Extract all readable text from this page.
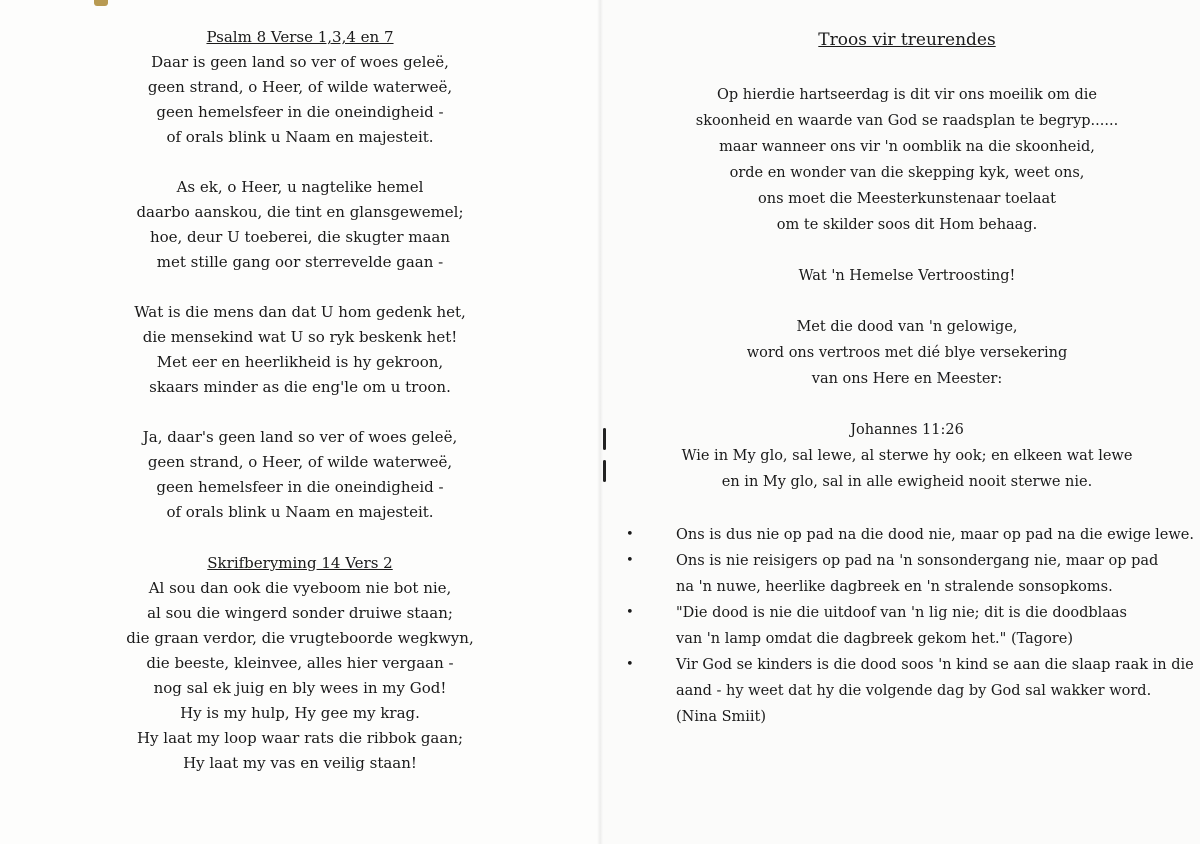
Psalm 8 Verse 1,3,4 en 7
Daar is geen land so ver of woes geleë,
geen strand, o Heer, of wilde waterweë,
geen hemelsfeer in die oneindigheid -
of orals blink u Naam en majesteit.
As ek, o Heer, u nagtelike hemel
daarbo aanskou, die tint en glansgewemel;
hoe, deur U toeberei, die skugter maan
met stille gang oor sterrevelde gaan -
Wat is die mens dan dat U hom gedenk het,
die mensekind wat U so ryk beskenk het!
Met eer en heerlikheid is hy gekroon,
skaars minder as die eng'le om u troon.
Ja, daar's geen land so ver of woes geleë,
geen strand, o Heer, of wilde waterweë,
geen hemelsfeer in die oneindigheid -
of orals blink u Naam en majesteit.
Skrifberyming 14 Vers 2
Al sou dan ook die vyeboom nie bot nie,
al sou die wingerd sonder druiwe staan;
die graan verdor, die vrugteboorde wegkwyn,
die beeste, kleinvee, alles hier vergaan -
nog sal ek juig en bly wees in my God!
Hy is my hulp, Hy gee my krag.
Hy laat my loop waar rats die ribbok gaan;
Hy laat my vas en veilig staan!
Troos vir treurendes
Op hierdie hartseerdag is dit vir ons moeilik om die
skoonheid en waarde van God se raadsplan te begryp......
maar wanneer ons vir 'n oomblik na die skoonheid,
orde en wonder van die skepping kyk, weet ons,
ons moet die Meesterkunstenaar toelaat
om te skilder soos dit Hom behaag.
Wat 'n Hemelse Vertroosting!
Met die dood van 'n gelowige,
word ons vertroos met dié blye versekering
van ons Here en Meester:
Johannes 11:26
Wie in My glo, sal lewe, al sterwe hy ook; en elkeen wat lewe
en in My glo, sal in alle ewigheid nooit sterwe nie.
•	Ons is dus nie op pad na die dood nie, maar op pad na die ewige lewe.
•	Ons is nie reisigers op pad na 'n sonsondergang nie, maar op pad
na 'n nuwe, heerlike dagbreek en 'n stralende sonsopkoms.
•	"Die dood is nie die uitdoof van 'n lig nie; dit is die doodblaas
van 'n lamp omdat die dagbreek gekom het." (Tagore)
•	Vir God se kinders is die dood soos 'n kind se aan die slaap raak in die
aand - hy weet dat hy die volgende dag by God sal wakker word.
(Nina Smiit)
